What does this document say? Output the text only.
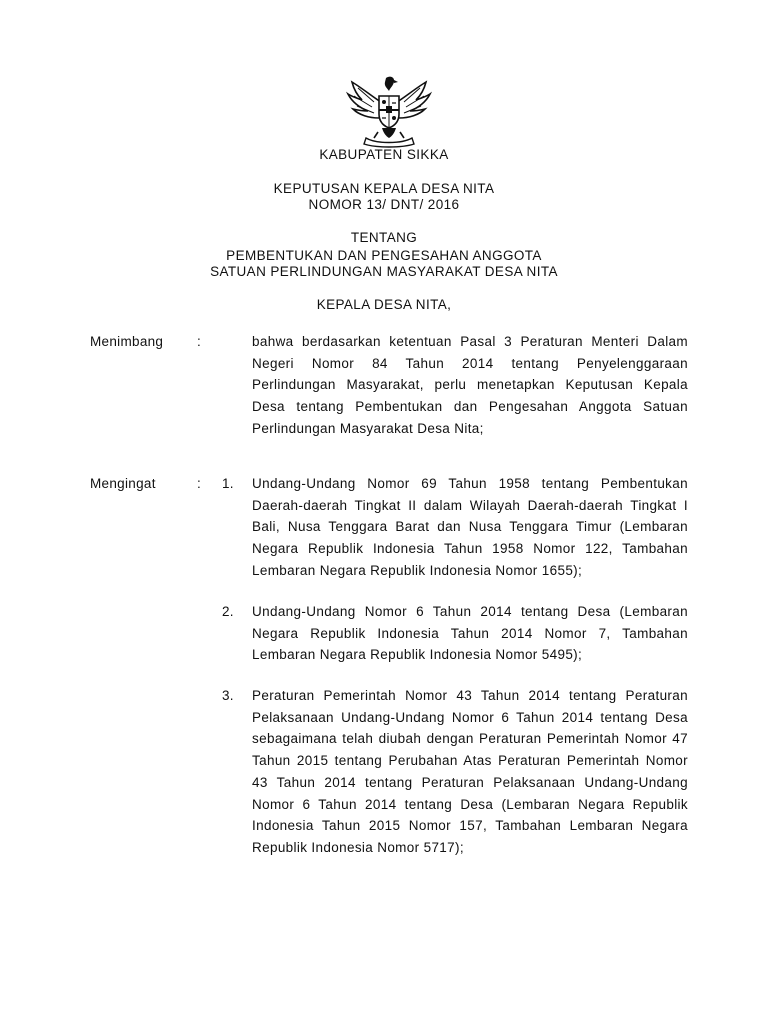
KABUPATEN SIKKA
KEPUTUSAN KEPALA DESA NITA
NOMOR 13/ DNT/ 2016
TENTANG
PEMBENTUKAN DAN PENGESAHAN ANGGOTA
SATUAN PERLINDUNGAN MASYARAKAT DESA NITA
KEPALA DESA NITA,
Menimbang	:	bahwa berdasarkan ketentuan Pasal 3 Peraturan Menteri Dalam Negeri Nomor 84 Tahun 2014 tentang Penyelenggaraan Perlindungan Masyarakat, perlu menetapkan Keputusan Kepala Desa tentang Pembentukan dan Pengesahan Anggota Satuan Perlindungan Masyarakat Desa Nita;
Mengingat	: 1. Undang-Undang Nomor 69 Tahun 1958 tentang Pembentukan Daerah-daerah Tingkat II dalam Wilayah Daerah-daerah Tingkat I Bali, Nusa Tenggara Barat dan Nusa Tenggara Timur (Lembaran Negara Republik Indonesia Tahun 1958 Nomor 122, Tambahan Lembaran Negara Republik Indonesia Nomor 1655);
2. Undang-Undang Nomor 6 Tahun 2014 tentang Desa (Lembaran Negara Republik Indonesia Tahun 2014 Nomor 7, Tambahan Lembaran Negara Republik Indonesia Nomor 5495);
3. Peraturan Pemerintah Nomor 43 Tahun 2014 tentang Peraturan Pelaksanaan Undang-Undang Nomor 6 Tahun 2014 tentang Desa sebagaimana telah diubah dengan Peraturan Pemerintah Nomor 47 Tahun 2015 tentang Perubahan Atas Peraturan Pemerintah Nomor 43 Tahun 2014 tentang Peraturan Pelaksanaan Undang-Undang Nomor 6 Tahun 2014 tentang Desa (Lembaran Negara Republik Indonesia Tahun 2015 Nomor 157, Tambahan Lembaran Negara Republik Indonesia Nomor 5717);
